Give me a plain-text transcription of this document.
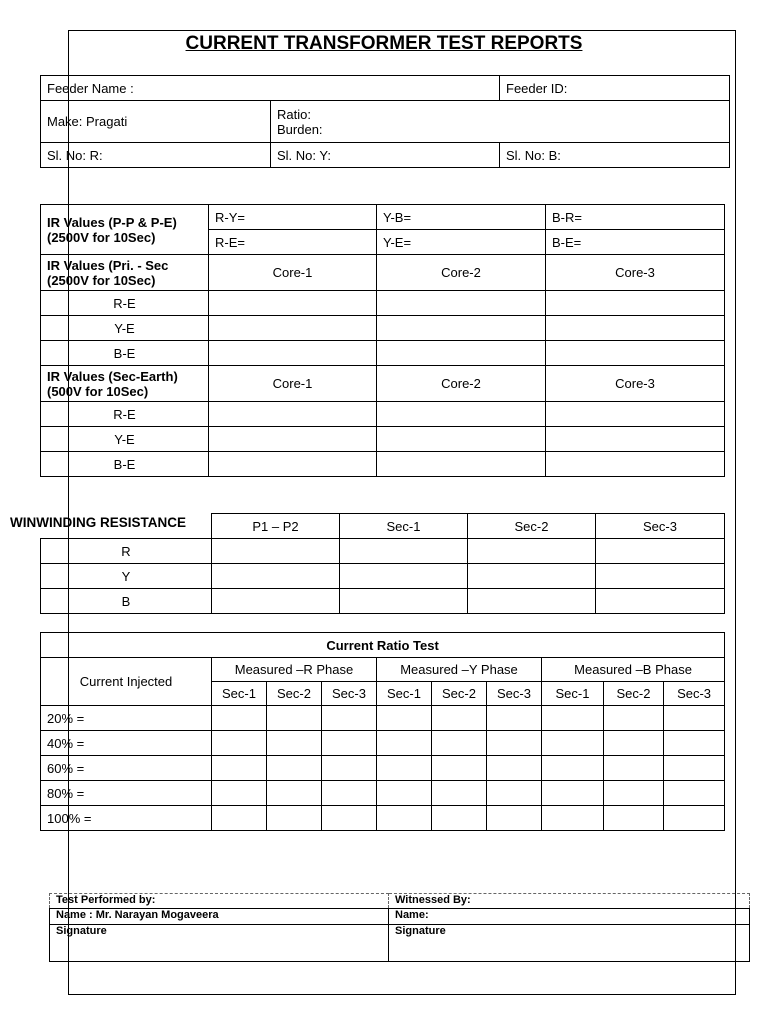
CURRENT TRANSFORMER TEST REPORTS
Feeder Name :		Feeder ID:
Make: Pragati	Ratio:
Burden:	

Sl. No: R:	Sl. No: Y:	Sl. No: B:
IR Values (P-P & P-E)
(2500V for 10Sec)	R-Y=	Y-B=	B-R=
	R-E=	Y-E=	B-E=

IR Values (Pri. - Sec
(2500V for 10Sec)	Core-1	Core-2	Core-3
R-E			
Y-E			
B-E			

IR Values (Sec-Earth)
(500V for 10Sec)	Core-1	Core-2	Core-3
R-E			
Y-E			
B-E			
	P1 – P2	Sec-1	Sec-2	Sec-3
R				
Y				
B				
WINWINDING RESISTANCE
Current Ratio Test									
Current Injected	Measured –R Phase			Measured –Y Phase			Measured –B Phase		
	Sec-1	Sec-2	Sec-3	Sec-1	Sec-2	Sec-3	Sec-1	Sec-2	Sec-3
20% =									
40% =									
60% =									
80% =									
100% =									
Test Performed by:	Witnessed By:
Name : Mr. Narayan Mogaveera	Name:
Signature	Signature
